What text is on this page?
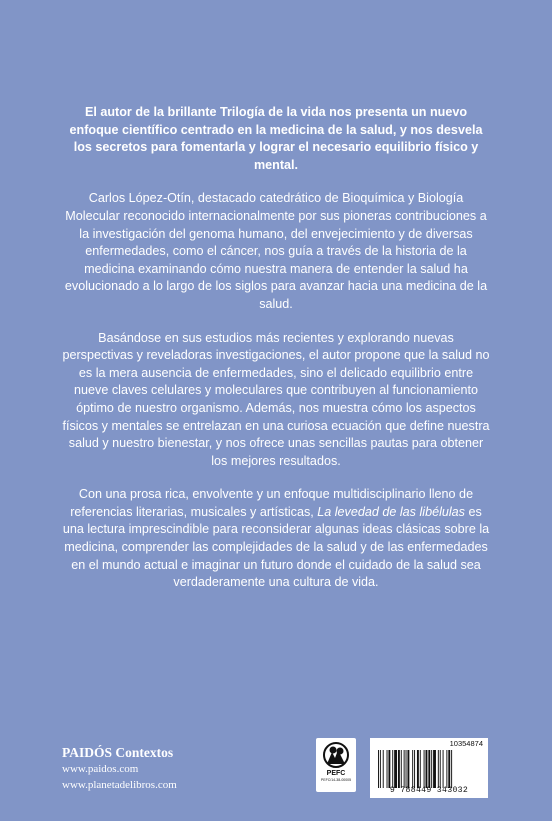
El autor de la brillante Trilogía de la vida nos presenta un nuevo enfoque científico centrado en la medicina de la salud, y nos desvela los secretos para fomentarla y lograr el necesario equilibrio físico y mental.

Carlos López-Otín, destacado catedrático de Bioquímica y Biología Molecular reconocido internacionalmente por sus pioneras contribuciones a la investigación del genoma humano, del envejecimiento y de diversas enfermedades, como el cáncer, nos guía a través de la historia de la medicina examinando cómo nuestra manera de entender la salud ha evolucionado a lo largo de los siglos para avanzar hacia una medicina de la salud.

Basándose en sus estudios más recientes y explorando nuevas perspectivas y reveladoras investigaciones, el autor propone que la salud no es la mera ausencia de enfermedades, sino el delicado equilibrio entre nueve claves celulares y moleculares que contribuyen al funcionamiento óptimo de nuestro organismo. Además, nos muestra cómo los aspectos físicos y mentales se entrelazan en una curiosa ecuación que define nuestra salud y nuestro bienestar, y nos ofrece unas sencillas pautas para obtener los mejores resultados.

Con una prosa rica, envolvente y un enfoque multidisciplinario lleno de referencias literarias, musicales y artísticas, La levedad de las libélulas es una lectura imprescindible para reconsiderar algunas ideas clásicas sobre la medicina, comprender las complejidades de la salud y de las enfermedades en el mundo actual e imaginar un futuro donde el cuidado de la salud sea verdaderamente una cultura de vida.

PAIDÓS Contextos
www.paidos.com
www.planetadelibros.com
PEFC
PEFC/14-38-00005
10354874
9 788449 343032
